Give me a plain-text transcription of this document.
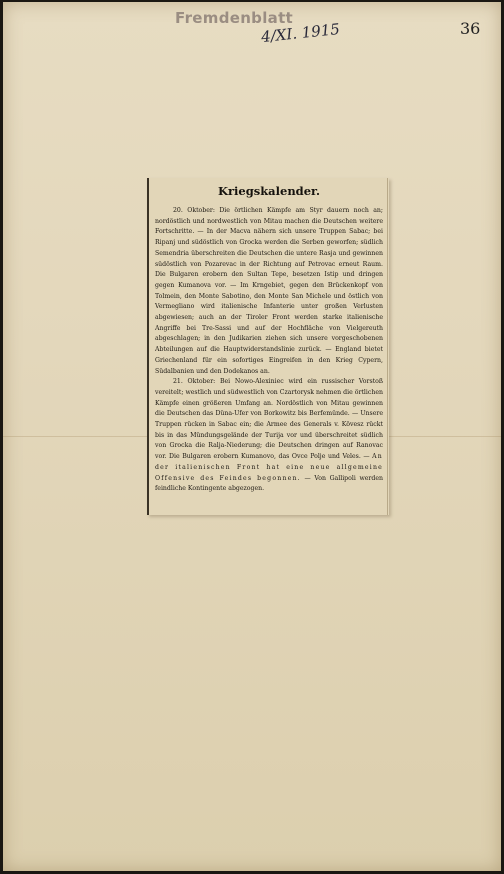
Fremdenblatt
4/XI. 1915	36
Kriegskalender.

20. Oktober: Die örtlichen Kämpfe am Styr dauern noch an; nordöstlich und nordwestlich von Mitau machen die Deutschen weitere Fortschritte. — In der Macva nähern sich unsere Truppen Sabac; bei Ripanj und südöstlich von Grocka werden die Serben geworfen; südlich Semendria überschreiten die Deutschen die untere Rasja und gewinnen südöstlich von Pozarevac in der Richtung auf Petrovac erneut Raum. Die Bulgaren erobern den Sultan Tepe, besetzen Istip und dringen gegen Kumanova vor. — Im Krngebiet, gegen den Brückenkopf von Tolmein, den Monte Sabotino, den Monte San Michele und östlich von Vermegliano wird italienische Infanterie unter großen Verlusten abgewiesen; auch an der Tiroler Front werden starke italienische Angriffe bei Tre-Sassi und auf der Hochfläche von Vielgereuth abgeschlagen; in den Judikarien ziehen sich unsere vorgeschobenen Abteilungen auf die Hauptwiderstandslinie zurück. — England bietet Griechenland für ein sofortiges Eingreifen in den Krieg Cypern, Südalbanien und den Dodekanos an.

21. Oktober: Bei Nowo-Alexiniec wird ein russischer Vorstoß vereitelt; westlich und südwestlich von Czartorysk nehmen die örtlichen Kämpfe einen größeren Umfang an. Nordöstlich von Mitau gewinnen die Deutschen das Düna-Ufer von Borkowitz bis Berfemünde. — Unsere Truppen rücken in Sabac ein; die Armee des Generals v. Kövesz rückt bis in das Mündungsgelände der Turija vor und überschreitet südlich von Grocka die Ralja-Niederung; die Deutschen dringen auf Ranovac vor. Die Bulgaren erobern Kumanovo, das Ovce Polje und Veles. — An der italienischen Front hat eine neue allgemeine Offensive des Feindes begonnen. — Von Gallipoli werden feindliche Kontingente abgezogen.
